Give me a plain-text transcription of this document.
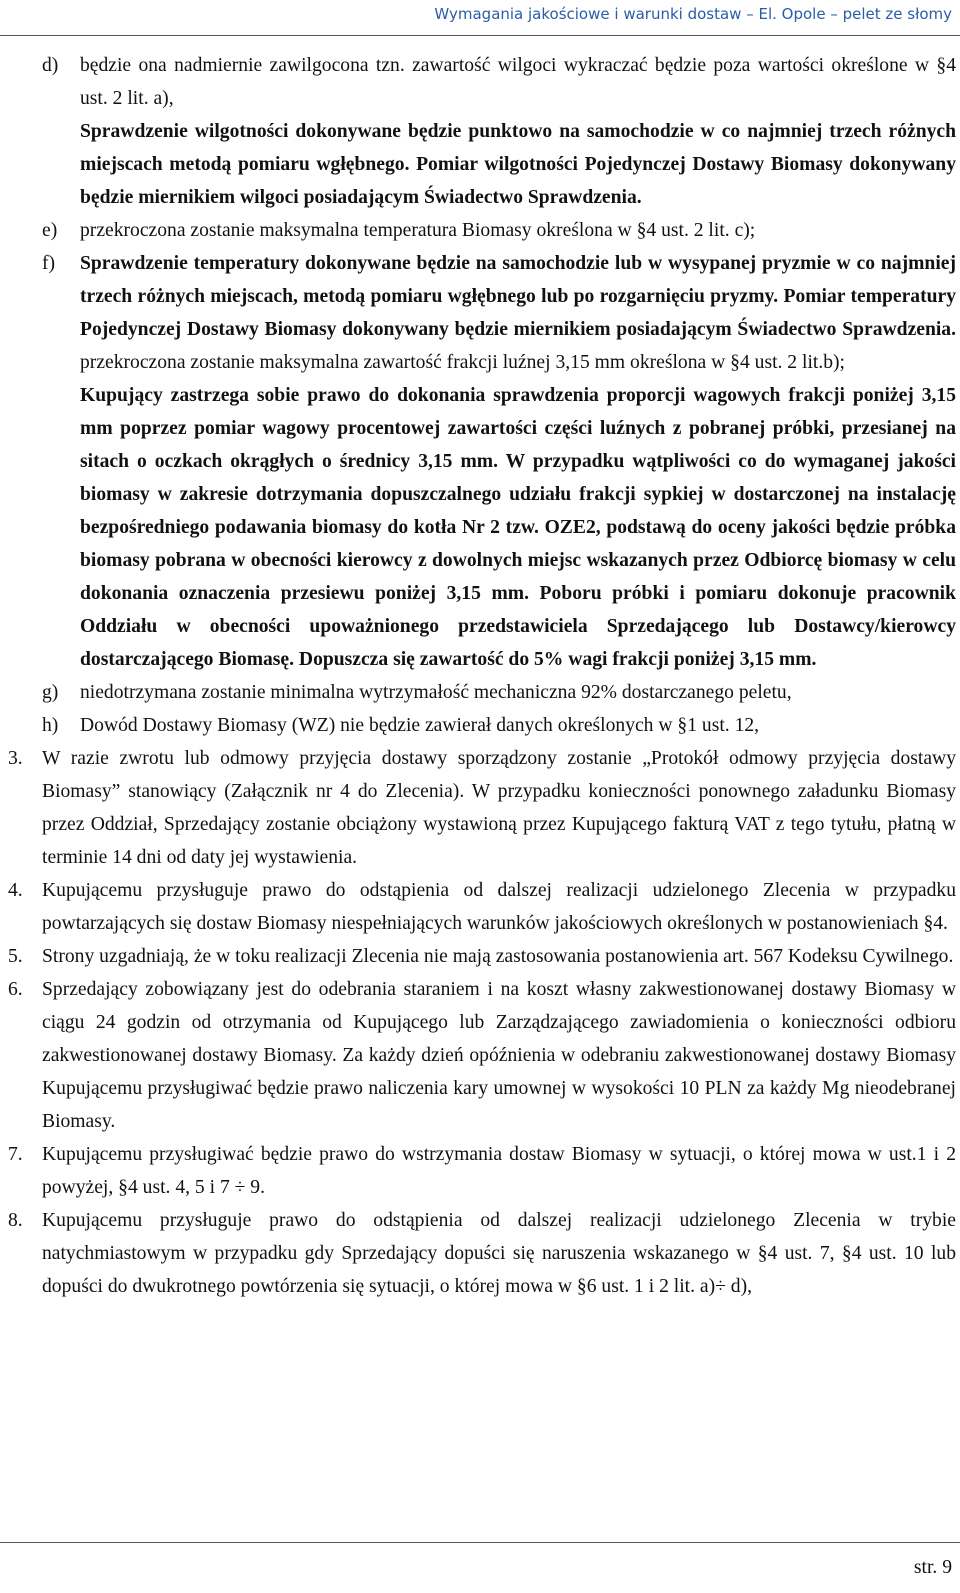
Wymagania jakościowe i warunki dostaw – El. Opole – pelet ze słomy
d) będzie ona nadmiernie zawilgocona tzn. zawartość wilgoci wykraczać będzie poza wartości określone w §4 ust. 2 lit. a),
Sprawdzenie wilgotności dokonywane będzie punktowo na samochodzie w co najmniej trzech różnych miejscach metodą pomiaru wgłębnego. Pomiar wilgotności Pojedynczej Dostawy Biomasy dokonywany będzie miernikiem wilgoci posiadającym Świadectwo Sprawdzenia.
e) przekroczona zostanie maksymalna temperatura Biomasy określona w §4 ust. 2 lit. c);
f) Sprawdzenie temperatury dokonywane będzie na samochodzie lub w wysypanej pryzmie w co najmniej trzech różnych miejscach, metodą pomiaru wgłębnego lub po rozgarnięciu pryzmy. Pomiar temperatury Pojedynczej Dostawy Biomasy dokonywany będzie miernikiem posiadającym Świadectwo Sprawdzenia. przekroczona zostanie maksymalna zawartość frakcji luźnej 3,15 mm określona w §4 ust. 2 lit.b);
Kupujący zastrzega sobie prawo do dokonania sprawdzenia proporcji wagowych frakcji poniżej 3,15 mm poprzez pomiar wagowy procentowej zawartości części luźnych z pobranej próbki, przesianej na sitach o oczkach okrągłych o średnicy 3,15 mm. W przypadku wątpliwości co do wymaganej jakości biomasy w zakresie dotrzymania dopuszczalnego udziału frakcji sypkiej w dostarczonej na instalację bezpośredniego podawania biomasy do kotła Nr 2 tzw. OZE2, podstawą do oceny jakości będzie próbka biomasy pobrana w obecności kierowcy z dowolnych miejsc wskazanych przez Odbiorcę biomasy w celu dokonania oznaczenia przesiewu poniżej 3,15 mm. Poboru próbki i pomiaru dokonuje pracownik Oddziału w obecności upoważnionego przedstawiciela Sprzedającego lub Dostawcy/kierowcy dostarczającego Biomasę. Dopuszcza się zawartość do 5% wagi frakcji poniżej 3,15 mm.
g) niedotrzymana zostanie minimalna wytrzymałość mechaniczna 92% dostarczanego peletu,
h) Dowód Dostawy Biomasy (WZ) nie będzie zawierał danych określonych w §1 ust. 12,
3. W razie zwrotu lub odmowy przyjęcia dostawy sporządzony zostanie „Protokół odmowy przyjęcia dostawy Biomasy” stanowiący (Załącznik nr 4 do Zlecenia). W przypadku konieczności ponownego załadunku Biomasy przez Oddział, Sprzedający zostanie obciążony wystawioną przez Kupującego fakturą VAT z tego tytułu, płatną w terminie 14 dni od daty jej wystawienia.
4. Kupującemu przysługuje prawo do odstąpienia od dalszej realizacji udzielonego Zlecenia w przypadku powtarzających się dostaw Biomasy niespełniających warunków jakościowych określonych w postanowieniach §4.
5. Strony uzgadniają, że w toku realizacji Zlecenia nie mają zastosowania postanowienia art. 567 Kodeksu Cywilnego.
6. Sprzedający zobowiązany jest do odebrania staraniem i na koszt własny zakwestionowanej dostawy Biomasy w ciągu 24 godzin od otrzymania od Kupującego lub Zarządzającego zawiadomienia o konieczności odbioru zakwestionowanej dostawy Biomasy. Za każdy dzień opóźnienia w odebraniu zakwestionowanej dostawy Biomasy Kupującemu przysługiwać będzie prawo naliczenia kary umownej w wysokości 10 PLN za każdy Mg nieodebranej Biomasy.
7. Kupującemu przysługiwać będzie prawo do wstrzymania dostaw Biomasy w sytuacji, o której mowa w ust.1 i 2 powyżej, §4 ust. 4, 5 i 7 ÷ 9.
8. Kupującemu przysługuje prawo do odstąpienia od dalszej realizacji udzielonego Zlecenia w trybie natychmiastowym w przypadku gdy Sprzedający dopuści się naruszenia wskazanego w §4 ust. 7, §4 ust. 10 lub dopuści do dwukrotnego powtórzenia się sytuacji, o której mowa w §6 ust. 1 i 2 lit. a)÷ d),
str. 9
